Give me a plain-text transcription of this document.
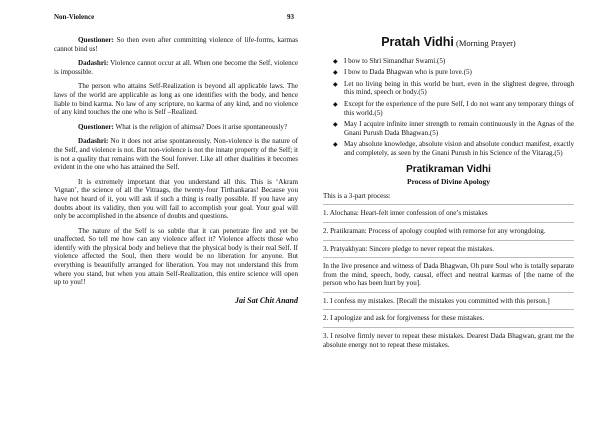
Non-Violence	93

Questioner: So then even after committing violence of life-forms, karmas cannot bind us!

Dadashri: Violence cannot occur at all. When one become the Self, violence is impossible.

The person who attains Self-Realization is beyond all applicable laws. The laws of the world are applicable as long as one identifies with the body, and hence liable to bind karma. No law of any scripture, no karma of any kind, and no violence of any kind touches the one who is Self –Realized.

Questioner: What is the religion of ahimsa? Does it arise spontaneously?

Dadashri: No it does not arise spontaneously. Non-violence is the nature of the Self, and violence is not. But non-violence is not the innate property of the Self; it is not a quality that remains with the Soul forever. Like all other dualities it becomes evident in the one who has attained the Self.

It is extremely important that you understand all this. This is ‘Akram Vignan’, the science of all the Vitraags, the twenty-four Tirthankaras! Because you have not heard of it, you will ask if such a thing is really possible. If you have any doubts about its validity, then you will fail to accomplish your goal. Your goal will only be accomplished in the absence of doubts and questions.

The nature of the Self is so subtle that it can penetrate fire and yet be unaffected. So tell me how can any violence affect it? Violence affects those who identify with the physical body and believe that the physical body is their real Self. If violence affected the Soul, then there would be no liberation for anyone. But everything is beautifully arranged for liberation. You may not understand this from where you stand, but when you attain Self-Realization, this entire science will open up to you!!

Jai Sat Chit Anand
Pratah Vidhi (Morning Prayer)
◆ I bow to Shri Simandhar Swami.(5)
◆ I bow to Dada Bhagwan who is pure love.(5)
◆ Let no living being in this world be hurt, even in the slightest degree, through this mind, speech or body.(5)
◆ Except for the experience of the pure Self, I do not want any temporary things of this world.(5)
◆ May I acquire infinite inner strength to remain continuously in the Agnas of the Gnani Purush Dada Bhagwan.(5)
◆ May absolute knowledge, absolute vision and absolute conduct manifest, exactly and completely, as seen by the Gnani Purush in his Science of the Vitarag.(5)
Pratikraman Vidhi
Process of Divine Apology
This is a 3-part process:
1. Alochana: Heart-felt inner confession of one’s mistakes
2. Pratikraman: Process of apology coupled with remorse for any wrongdoing.
3. Pratyakhyan: Sincere pledge to never repeat the mistakes.
In the live presence and witness of Dada Bhagwan, Oh pure Soul who is totally separate from the mind, speech, body, causal, effect and neutral karmas of [the name of the person who has been hurt by you].
1. I confess my mistakes. [Recall the mistakes you committed with this person.]
2. I apologize and ask for forgiveness for these mistakes.
3. I resolve firmly never to repeat these mistakes. Dearest Dada Bhagwan, grant me the absolute energy not to repeat these mistakes.
